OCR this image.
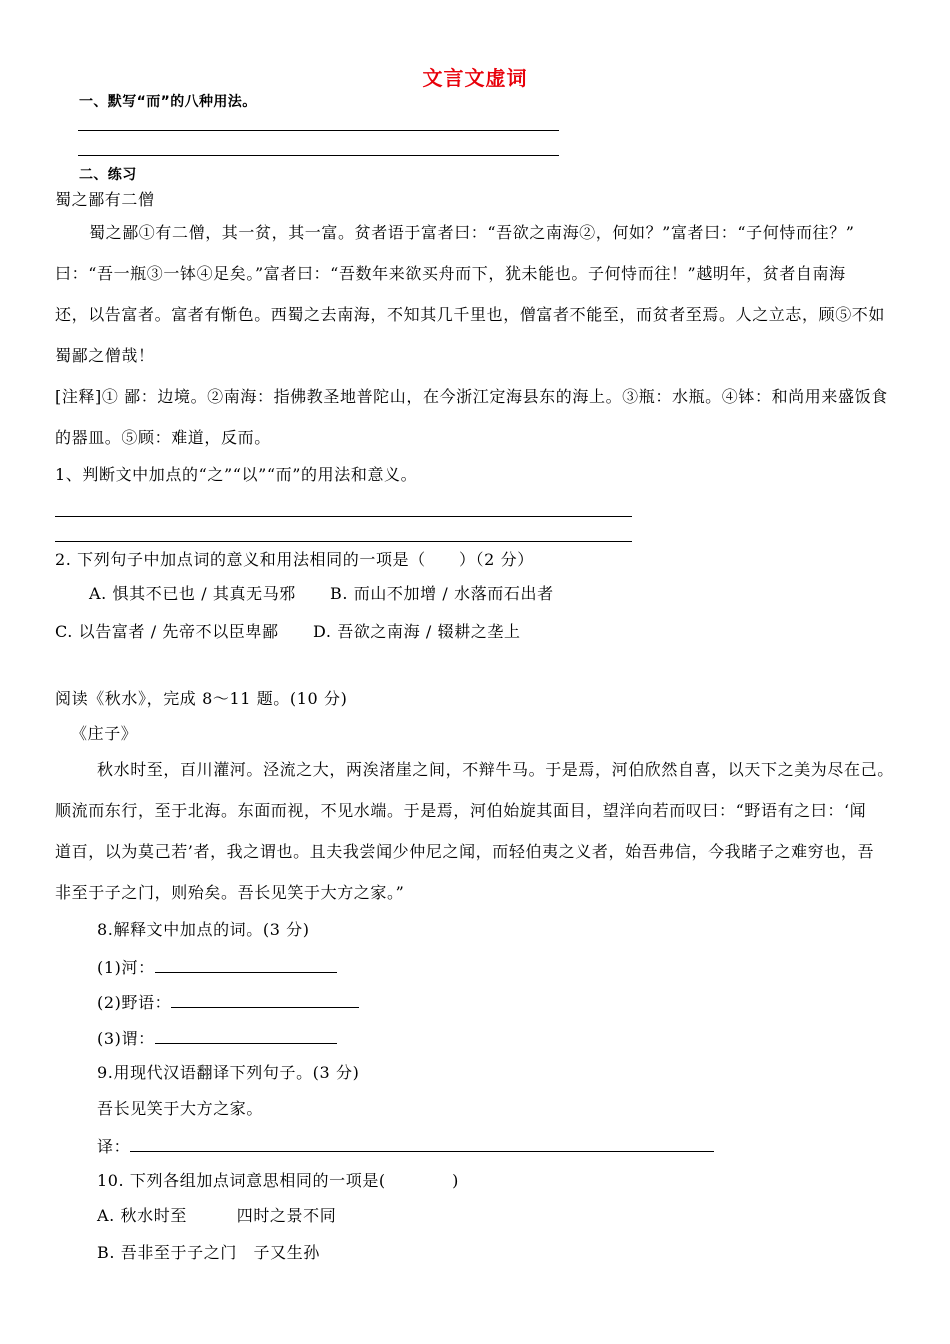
文言文虚词
一、默写“而”的八种用法。
二、练习
蜀之鄙有二僧
蜀之鄙①有二僧，其一贫，其一富。贫者语于富者曰：“吾欲之南海②，何如？”富者曰：“子何恃而往？”
曰：“吾一瓶③一钵④足矣。”富者曰：“吾数年来欲买舟而下，犹未能也。子何恃而往！”越明年，贫者自南海
还，以告富者。富者有惭色。西蜀之去南海，不知其几千里也，僧富者不能至，而贫者至焉。人之立志，顾⑤不如
蜀鄙之僧哉！
[注释]① 鄙：边境。②南海：指佛教圣地普陀山，在今浙江定海县东的海上。③瓶：水瓶。④钵：和尚用来盛饭食
的器皿。⑤顾：难道，反而。
1、判断文中加点的“之”“以”“而”的用法和意义。
2. 下列句子中加点词的意义和用法相同的一项是（　　）（2 分）
A. 惧其不已也 / 其真无马邪 B. 而山不加增 / 水落而石出者
C. 以告富者 / 先帝不以臣卑鄙 D. 吾欲之南海 / 辍耕之垄上
阅读《秋水》，完成 8～11 题。(10 分)
《庄子》
秋水时至，百川灌河。泾流之大，两涘渚崖之间，不辩牛马。于是焉，河伯欣然自喜，以天下之美为尽在己。
顺流而东行，至于北海。东面而视，不见水端。于是焉，河伯始旋其面目，望洋向若而叹曰：“野语有之曰：‘闻
道百，以为莫己若’者，我之谓也。且夫我尝闻少仲尼之闻，而轻伯夷之义者，始吾弗信，今我睹子之难穷也，吾
非至于子之门，则殆矣。吾长见笑于大方之家。”
8.解释文中加点的词。(3 分)
(1)河：
(2)野语：
(3)谓：
9.用现代汉语翻译下列句子。(3 分)
吾长见笑于大方之家。
译：
10. 下列各组加点词意思相同的一项是(　　　　)
A. 秋水时至　　　四时之景不同
B. 吾非至于子之门　子又生孙
